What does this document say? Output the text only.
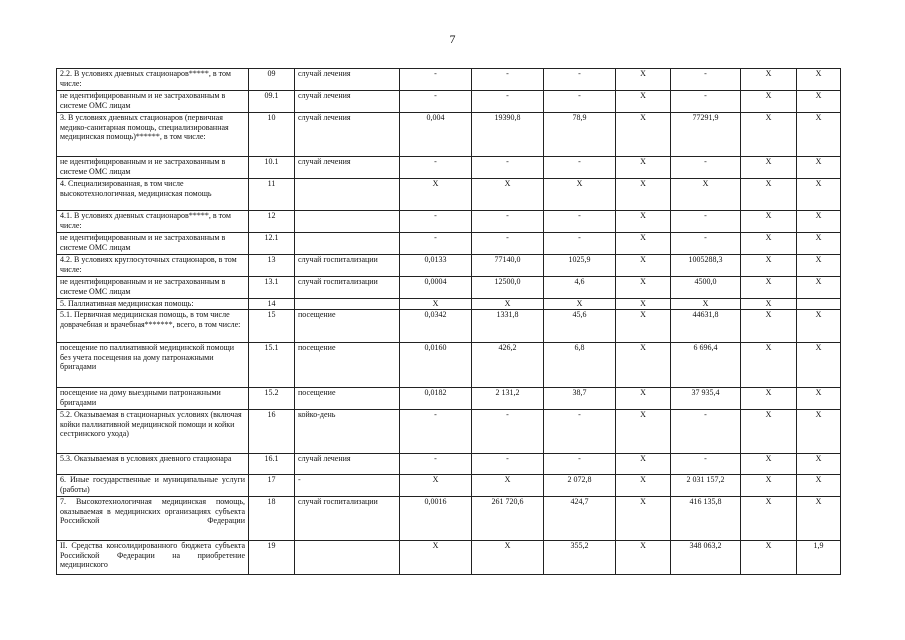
7
2.2. В условиях дневных стационаров*****, в том числе:	09	случай лечения	-	-	-	X	-	X	X
не идентифицированным и не застрахованным в системе ОМС лицам	09.1	случай лечения	-	-	-	X	-	X	X
3. В условиях дневных стационаров (первичная медико-санитарная помощь, специализированная медицинская помощь)******, в том числе:	10	случай лечения	0,004	19390,8	78,9	X	77291,9	X	X
не идентифицированным и не застрахованным в системе ОМС лицам	10.1	случай лечения	-	-	-	X	-	X	X
4. Специализированная, в том числе высокотехнологичная, медицинская помощь	11		X	X	X	X	X	X	X
4.1. В условиях дневных стационаров*****, в том числе:	12		-	-	-	X	-	X	X
не идентифицированным и не застрахованным в системе ОМС лицам	12.1		-	-	-	X	-	X	X
4.2. В условиях круглосуточных стационаров, в том числе:	13	случай госпитализации	0,0133	77140,0	1025,9	X	1005288,3	X	X
не идентифицированным и не застрахованным в системе ОМС лицам	13.1	случай госпитализации	0,0004	12500,0	4,6	X	4500,0	X	X
5. Паллиативная медицинская помощь:	14		X	X	X	X	X	X	
5.1. Первичная медицинская помощь, в том числе доврачебная и врачебная*******, всего, в том числе:	15	посещение	0,0342	1331,8	45,6	X	44631,8	X	X
посещение по паллиативной медицинской помощи без учета посещения на дому патронажными бригадами	15.1	посещение	0,0160	426,2	6,8	X	6 696,4	X	X
посещение на дому выездными патронажными бригадами	15.2	посещение	0,0182	2 131,2	38,7	X	37 935,4	X	X
5.2. Оказываемая в стационарных условиях (включая койки паллиативной медицинской помощи и койки сестринского ухода)	16	койко-день	-	-	-	X	-	X	X
5.3. Оказываемая в условиях дневного стационара	16.1	случай лечения	-	-	-	X	-	X	X
6. Иные государственные и муниципальные услуги (работы)	17	-	X	X	2 072,8	X	2 031 157,2	X	X
7. Высокотехнологичная медицинская помощь, оказываемая в медицинских организациях субъекта Российской Федерации	18	случай госпитализации	0,0016	261 720,6	424,7	X	416 135,8	X	X
II. Средства консолидированного бюджета субъекта Российской Федерации на приобретение медицинского	19		X	X	355,2	X	348 063,2	X	1,9
